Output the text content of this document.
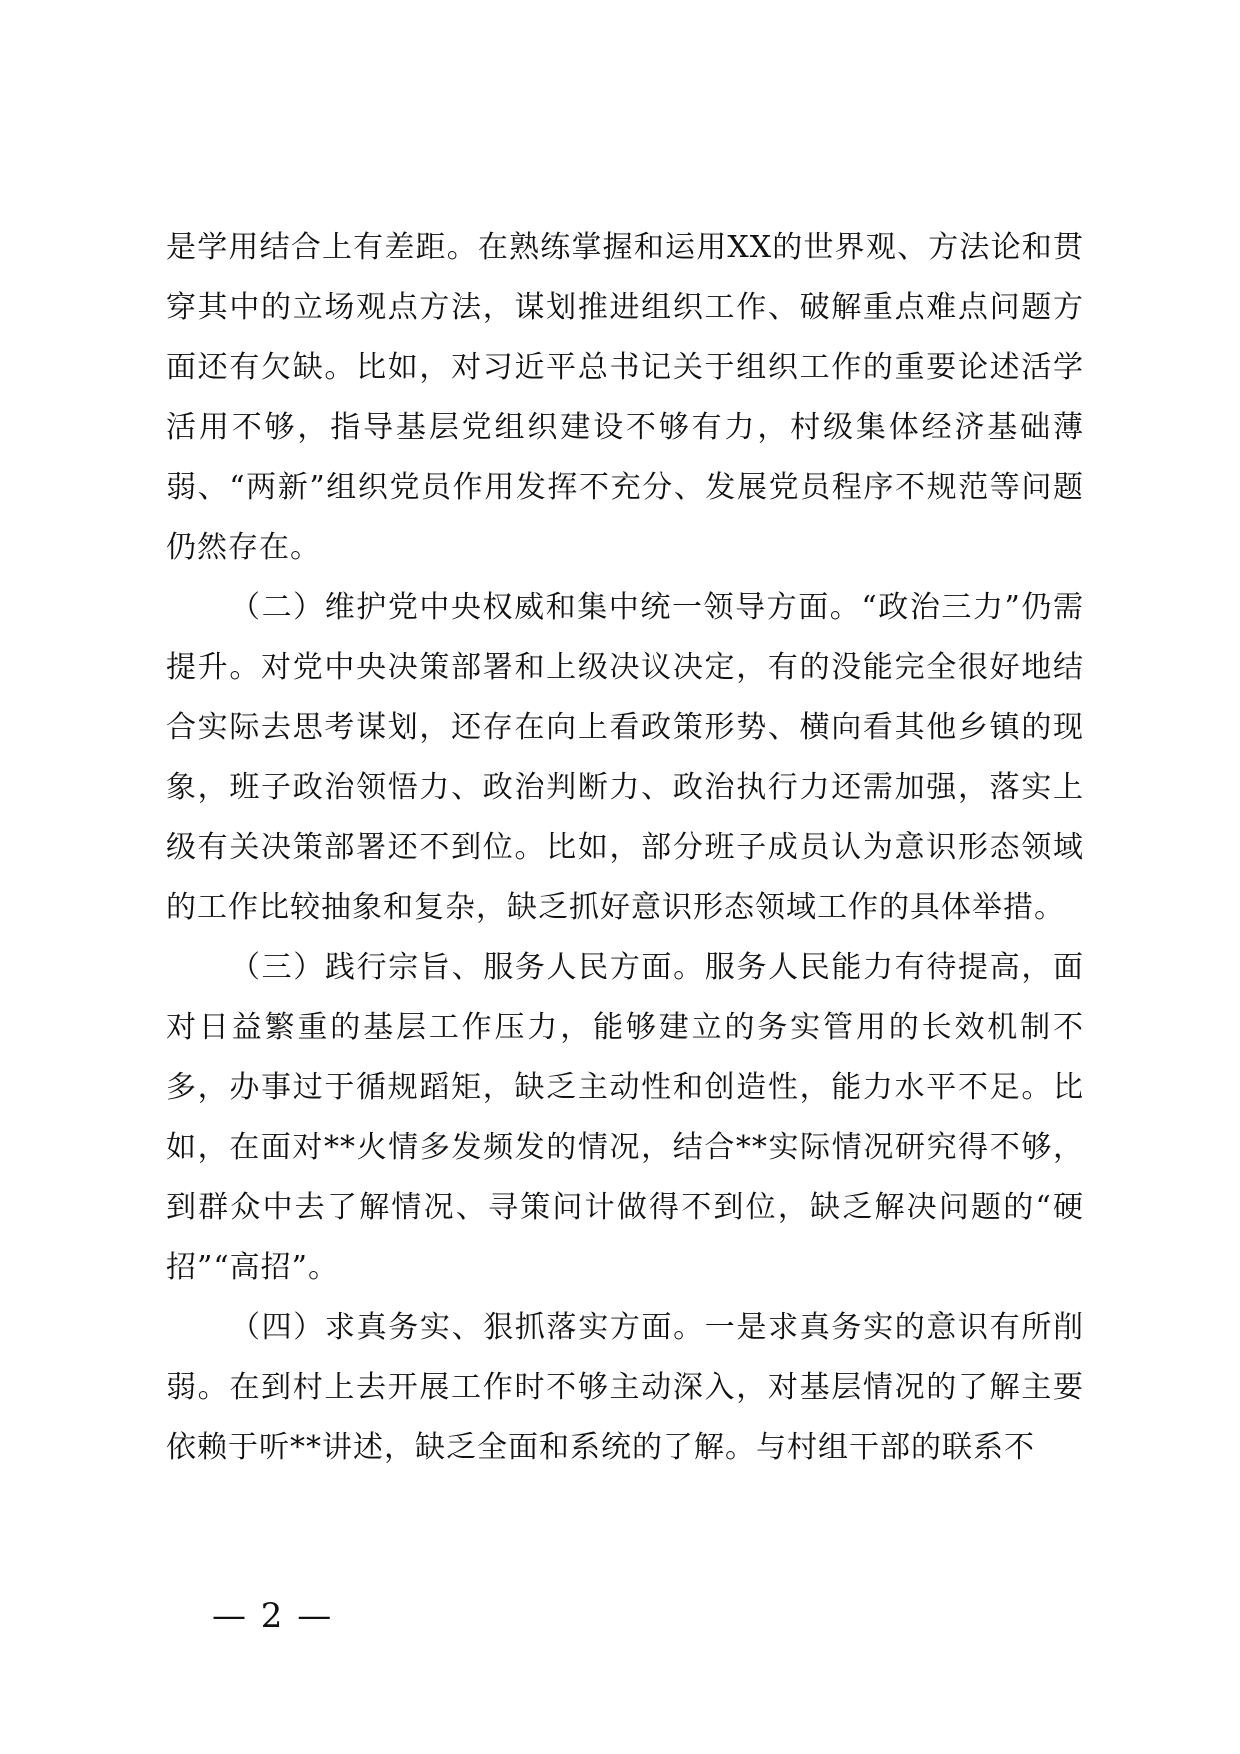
是学用结合上有差距。在熟练掌握和运用XX的世界观、方法论和贯穿其中的立场观点方法，谋划推进组织工作、破解重点难点问题方面还有欠缺。比如，对习近平总书记关于组织工作的重要论述活学活用不够，指导基层党组织建设不够有力，村级集体经济基础薄弱、“两新”组织党员作用发挥不充分、发展党员程序不规范等问题仍然存在。

（二）维护党中央权威和集中统一领导方面。“政治三力”仍需提升。对党中央决策部署和上级决议决定，有的没能完全很好地结合实际去思考谋划，还存在向上看政策形势、横向看其他乡镇的现象，班子政治领悟力、政治判断力、政治执行力还需加强，落实上级有关决策部署还不到位。比如，部分班子成员认为意识形态领域的工作比较抽象和复杂，缺乏抓好意识形态领域工作的具体举措。

（三）践行宗旨、服务人民方面。服务人民能力有待提高，面对日益繁重的基层工作压力，能够建立的务实管用的长效机制不多，办事过于循规蹈矩，缺乏主动性和创造性，能力水平不足。比如，在面对**火情多发频发的情况，结合**实际情况研究得不够，到群众中去了解情况、寻策问计做得不到位，缺乏解决问题的“硬招”“高招”。

（四）求真务实、狠抓落实方面。一是求真务实的意识有所削弱。在到村上去开展工作时不够主动深入，对基层情况的了解主要依赖于听**讲述，缺乏全面和系统的了解。与村组干部的联系不

— 2 —
